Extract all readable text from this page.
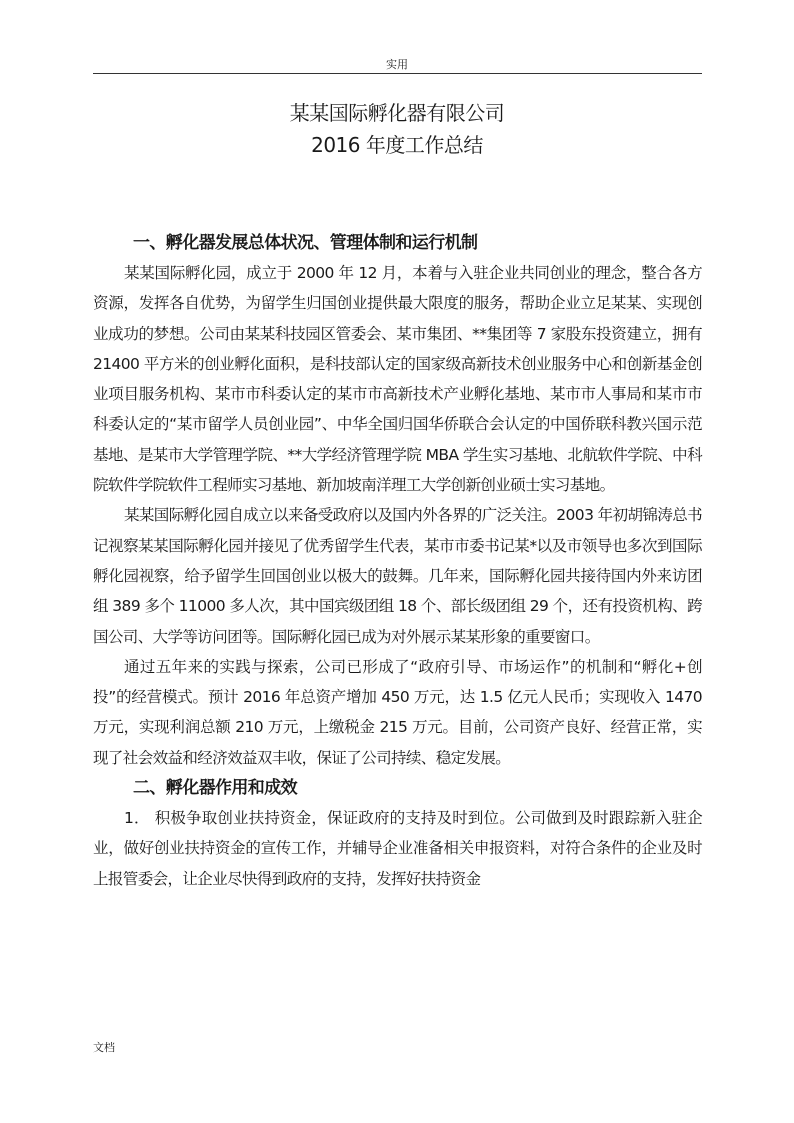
实用
某某国际孵化器有限公司
2016 年度工作总结
一、孵化器发展总体状况、管理体制和运行机制

某某国际孵化园，成立于 2000 年 12 月，本着与入驻企业共同创业的理念，整合各方资源，发挥各自优势，为留学生归国创业提供最大限度的服务，帮助企业立足某某、实现创业成功的梦想。公司由某某科技园区管委会、某市集团、**集团等 7 家股东投资建立，拥有 21400 平方米的创业孵化面积，是科技部认定的国家级高新技术创业服务中心和创新基金创业项目服务机构、某市市科委认定的某市市高新技术产业孵化基地、某市市人事局和某市市科委认定的“某市留学人员创业园”、中华全国归国华侨联合会认定的中国侨联科教兴国示范基地、是某市大学管理学院、**大学经济管理学院 MBA 学生实习基地、北航软件学院、中科院软件学院软件工程师实习基地、新加坡南洋理工大学创新创业硕士实习基地。

某某国际孵化园自成立以来备受政府以及国内外各界的广泛关注。2003 年初胡锦涛总书记视察某某国际孵化园并接见了优秀留学生代表，某市市委书记某*以及市领导也多次到国际孵化园视察，给予留学生回国创业以极大的鼓舞。几年来，国际孵化园共接待国内外来访团组 389 多个 11000 多人次，其中国宾级团组 18 个、部长级团组 29 个，还有投资机构、跨国公司、大学等访问团等。国际孵化园已成为对外展示某某形象的重要窗口。

通过五年来的实践与探索，公司已形成了“政府引导、市场运作”的机制和“孵化+创投”的经营模式。预计 2016 年总资产增加 450 万元，达 1.5 亿元人民币；实现收入 1470 万元，实现利润总额 210 万元，上缴税金 215 万元。目前，公司资产良好、经营正常，实现了社会效益和经济效益双丰收，保证了公司持续、稳定发展。

二、孵化器作用和成效

1． 积极争取创业扶持资金，保证政府的支持及时到位。公司做到及时跟踪新入驻企业，做好创业扶持资金的宣传工作，并辅导企业准备相关申报资料，对符合条件的企业及时上报管委会，让企业尽快得到政府的支持，发挥好扶持资金

文档
